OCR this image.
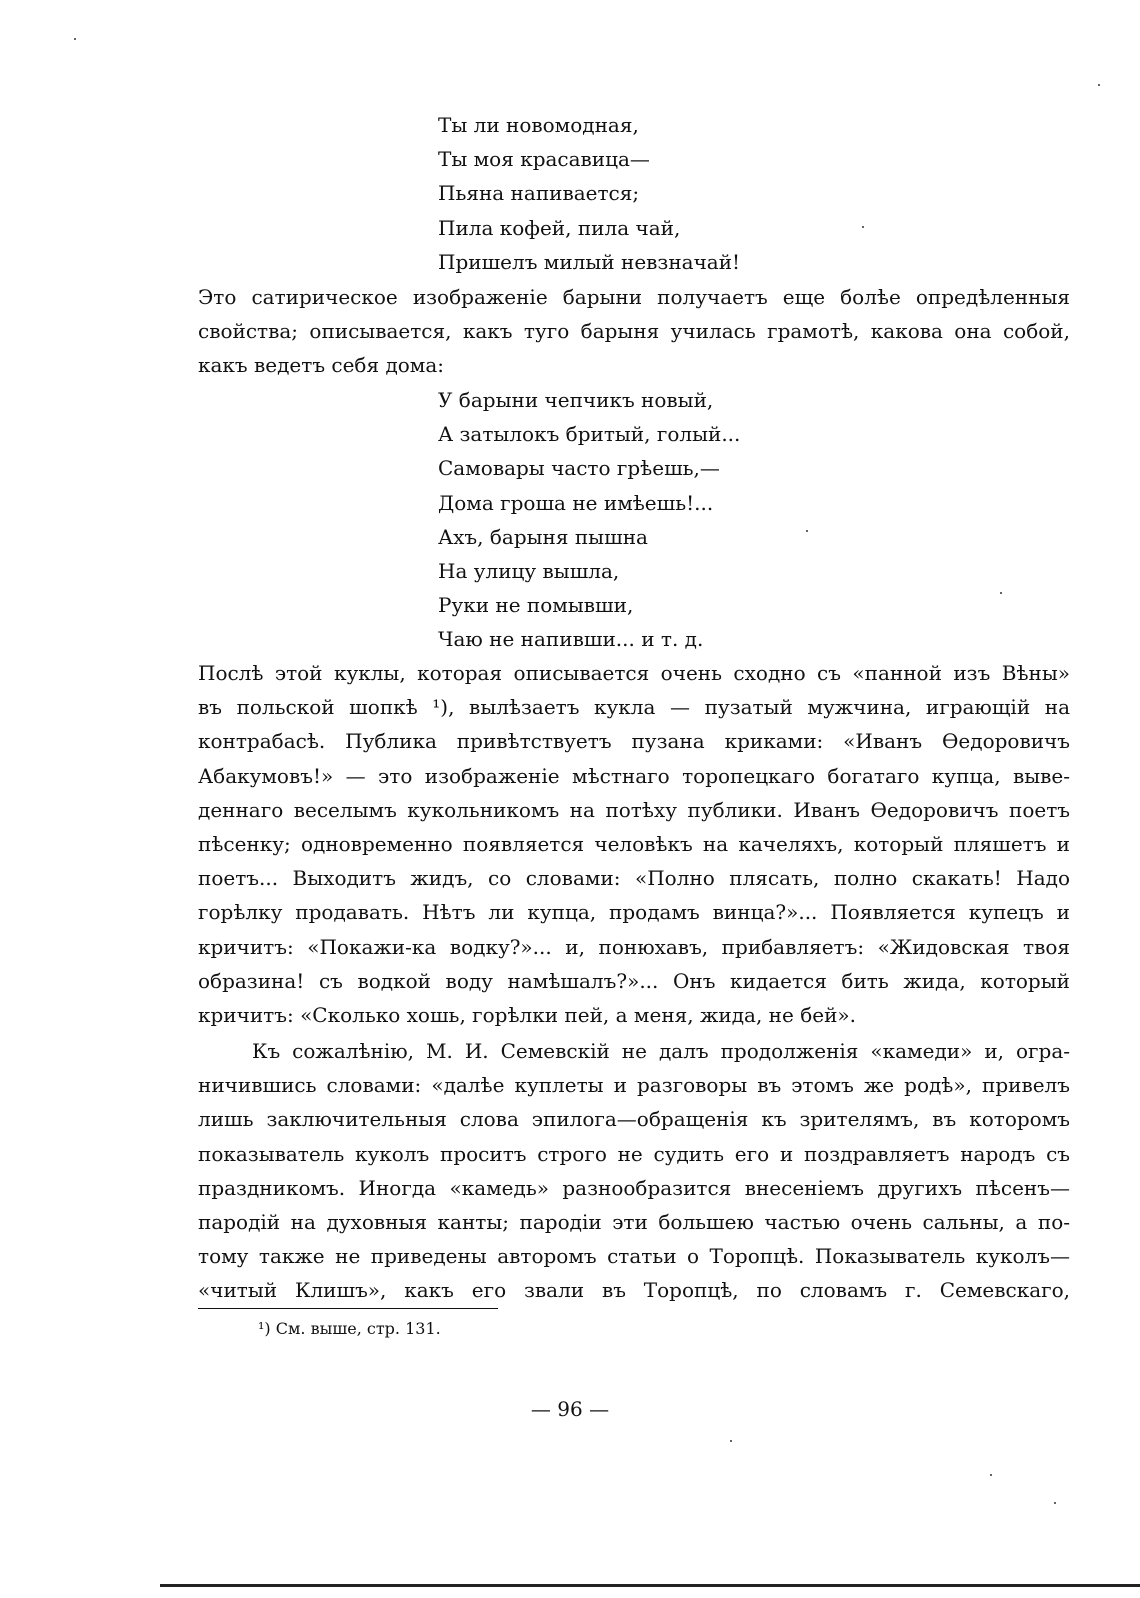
Ты ли новомодная,
Ты моя красавица—
Пьяна напивается;
Пила кофей, пила чай,
Пришелъ милый невзначай!
Это сатирическое изображенiе барыни получаетъ еще болѣе опредѣленныя
свойства; описывается, какъ туго барыня училась грамотѣ, какова она собой,
какъ ведетъ себя дома:
У барыни чепчикъ новый,
А затылокъ бритый, голый...
Самовары часто грѣешь,—
Дома гроша не имѣешь!...
Ахъ, барыня пышна
На улицу вышла,
Руки не помывши,
Чаю не напивши... и т. д.
Послѣ этой куклы, которая описывается очень сходно съ «панной изъ Вѣны»
въ польской шопкѣ ¹), вылѣзаетъ кукла — пузатый мужчина, играющiй на
контрабасѣ. Публика привѣтствуетъ пузана криками: «Иванъ Ѳедоровичъ
Абакумовъ!» — это изображенiе мѣстнаго торопецкаго богатаго купца, выве-
деннаго веселымъ кукольникомъ на потѣху публики. Иванъ Ѳедоровичъ поетъ
пѣсенку; одновременно появляется человѣкъ на качеляхъ, который пляшетъ и
поетъ... Выходитъ жидъ, со словами: «Полно плясать, полно скакать! Надо
горѣлку продавать. Нѣтъ ли купца, продамъ винца?»... Появляется купецъ и
кричитъ: «Покажи-ка водку?»... и, понюхавъ, прибавляетъ: «Жидовская твоя
образина! съ водкой воду намѣшалъ?»... Онъ кидается бить жида, который
кричитъ: «Сколько хошь, горѣлки пей, а меня, жида, не бей».
Къ сожалѣнiю, М. И. Семевскiй не далъ продолженiя «камеди» и, огра-
ничившись словами: «далѣе куплеты и разговоры въ этомъ же родѣ», привелъ
лишь заключительныя слова эпилога—обращенiя къ зрителямъ, въ которомъ
показыватель куколъ проситъ строго не судить его и поздравляетъ народъ съ
праздникомъ. Иногда «камедь» разнообразится внесенiемъ другихъ пѣсенъ—
пародiй на духовныя канты; пародiи эти большею частью очень сальны, а по-
тому также не приведены авторомъ статьи о Торопцѣ. Показыватель куколъ—
«читый Клишъ», какъ его звали въ Торопцѣ, по словамъ г. Семевскаго,
¹) См. выше, стр. 131.
— 96 —
